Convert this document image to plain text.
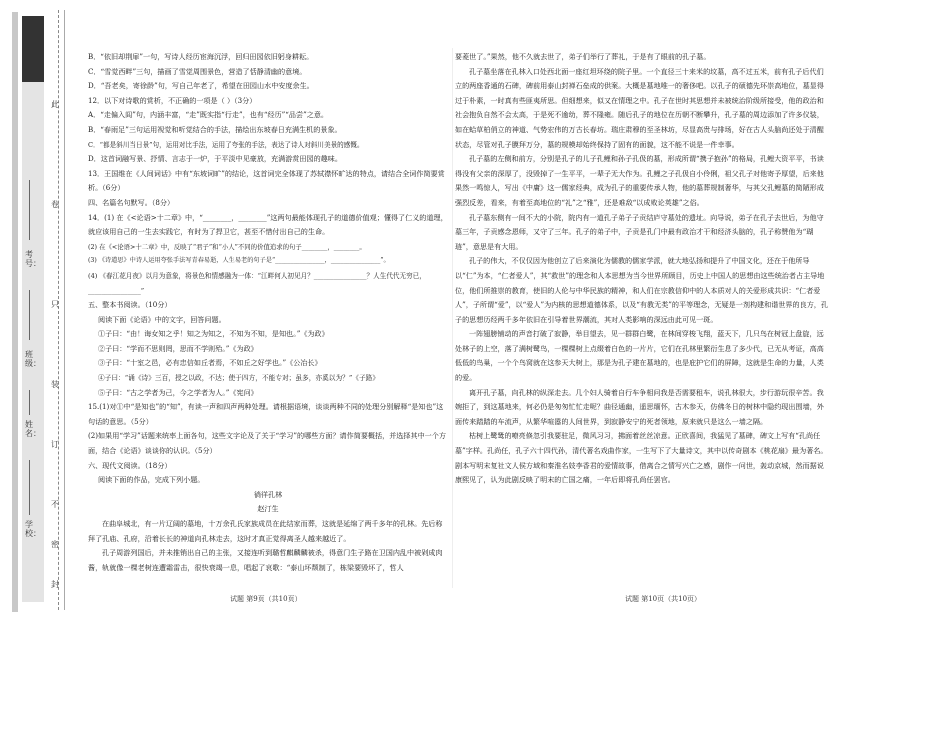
此
卷
只
装
订
不
密
封
考号：
班级：
姓名：
学校：

B．“依旧却荆扉”一句，写诗人经历宦海沉浮，回归田园依旧躬身耕耘。

C．“雪觉西畔”三句，描画了雪觉周围景色，营造了恬静清幽的意境。

D．“吾老矣，寄徐龄”句，写自己年老了，希望在田园山水中安度余生。

12．以下对诗歌的赏析，不正确的一项是（ ）（3分）

A．“走偏入闾”句，内涵丰富，“走”既实指“行走”，也有“经历”“品尝”之意。

B．“春雨足”三句运用视觉和听觉结合的手法，描绘出东坡春日充满生机的景象。

C．“都是斜川当日景”句，运用对比手法，运用了夸张的手法，表达了诗人对斜川美景的感慨。

D．这首词融写景、抒情、言志于一炉，于平淡中见豪放，充满游赏田园的趣味。

13．王国维在《人间词话》中有“东坡词旷”的结论，这首词完全体现了苏轼襟怀旷达的特点，请结合全词作简要赏析。（6分）

四、名篇名句默写。（8分）

14．(1) 在《<论语>十二章》中，“________，________”这两句最能体现孔子的道德价值观；懂得了仁义的道理，就应该用自己的一生去实践它，有时为了捍卫它，甚至不惜付出自己的生命。

(2) 在《<论语>十二章》中，反映了“君子”和“小人”不同的价值追求的句子________，________。

(3) 《诗道思》中诗人运用夸张手法写青春易逝，人生易老的句子是“________________，________________”。

(4) 《春江花月夜》以月为意象，将景色和情感融为一体：“江畔何人初见月？________________？人生代代无穷已，________________”

五、整本书阅读。（10分）

阅读下面《论语》中的文字，回答问题。

①子曰：“由！诲女知之乎！知之为知之，不知为不知，是知也。”《为政》

②子曰：“学而不思则罔，思而不学则殆。”《为政》

③子曰：“十室之邑，必有忠信如丘者焉，不如丘之好学也。”《公冶长》

④子曰：“诵《诗》三百，授之以政，不达；使于四方，不能专对；虽多，亦奚以为？”《子路》

⑤子曰：“古之学者为己，今之学者为人。”《宪问》

15.(1)对①中“是知也”的“知”，有读一声和四声两种处理。请根据语境，谈谈两种不同的处理分别解释“是知也”这句话的意思。（5分）

(2)如果用“学习”话题来统率上面各句，这些文字论及了关于“学习”的哪些方面？请作简要概括，并选择其中一个方面，结合《论语》谈谈你的认识。（5分）

六、现代文阅读。（18分）

阅读下面的作品，完成下列小题。

徜徉孔林

赵汀生

在曲阜城北，有一片辽阔的墓地，十万余孔氏家族成员在此结家而葬，这就是延绵了两千多年的孔林。先后称拜了孔庙、孔府，沿着长长的神道向孔林走去，这时才真正觉得离圣人越来越近了。

孔子周游列国后，并未推销出自己的主张，又接连听到璐哲麒麟麟被杀，得意门生子路在卫国内乱中被剁成肉酱，轨就像一棵老树连遭霜雷击，很快衰竭一息，唱起了哀歌：“泰山坏颓制了，栋梁要毁坏了，哲人

要菱世了。”果然，他不久就去世了，弟子们举行了葬礼，于是有了眼前的孔子墓。

孔子墓坐落在孔林入口处西北面一座红坦环绕的院子里。一个直径三十来米的坟墓，高不过五米，前有孔子后代们立的两座香通的石碑，碑前用泰山封禅石垒成的供案。大概是墓地唯一的奢侈吧。以孔子的硕德先环崇高地位，墓显得过于朴素，一时真有些匪夷所思。但细想来，似又在情理之中。孔子在世时其思想并未被统治阶级所接受，他的政治和社会抱负自然不会太高，于是死不逾幼，葬不隆雍。随后孔子的地位在历朝不断攀升，孔子墓的周边添加了许多仪装，如在蛤草柏俏立的神道、气势宏伟的万古长春坊。瑞庄肃穆的至圣林坊，尽显高贵与排场，好在古人头脑尚还处于清醒状态，尽管对孔子膜拜万分，墓的规模却始终保持了固有的面貌，这不能不说是一件幸事。

孔子墓的左侧和前方，分别是孔子的儿子孔鲤和孙子孔伋的墓，形成所谓“携子抱孙”的格局，孔鲤大资平平，书读得没有父亲的深厚了，没毁掉了一生平平，一辈子无大作为。孔鲤之子孔伋自小伶俐，祖父孔子对他寄予厚望，后来他果然一鸣惊人，写出《中庸》这一儒家经典，成为孔子的重要传承人物，他的墓葬规制奢华，与其父孔鲤墓的简陋形成强烈反差，看来，有着至高地位的“礼”之“雅”，还是难敌“以成败论英雄”之俗。

孔子墓东侧有一间不大的小院，院内有一道孔子弟子子贡结庐守墓处的遗址。向导说，弟子在孔子去世后，为他守墓三年，子贡感念恩师，又守了三年。孔子的弟子中，子贡是孔门中最有政治才干和经济头脑的，孔子称赞他为“瑚琏”，意思是有大用。

孔子的伟大，不仅仅因为他创立了后来演化为儒教的儒家学派，就大地弘扬和提升了中国文化，还在于他所导以“仁”为本，“仁者爱人”，其“救世”的理念和人本思想为当今世界所顾目，历史上中国人的思想由这些统治者占主导地位，他们所推崇的教育，使旧的人伦与中华民族的精神，和人们在宗教信仰中的人本质对人的关爱形成共识：“仁者爱人”，子所谓“爱”，以“爱人”为内核的思想道德体系，以及“有教无类”的平等理念，无疑是一剂构建和谐世界的良方，孔子的思想历经两千多年依旧在引导着世界潮流，其对人类影响的深远由此可见一斑。

一阵翅膀铺动的声音打破了寂静，举目望去，见一群群白鹭，在林间穿梭飞翔，蓝天下，几只鸟在树冠上盘旋，远处林子的上空，落了满树鹭鸟，一棵棵树上点缀着白色的一片片，它们在孔林里繁衍生息了多少代，已无从考证，高高低低的鸟巢，一个个鸟窝就在这参天大树上，那是为孔子建在墓地的，也是庇护它们的屏障，这就是生命的力量，人类的爱。

离开孔子墓，向孔林的纵深走去。几个妇人骑着自行车争相问我是否需要租车，说孔林很大，步行游玩很辛苦。我婉拒了，到这墓地来，何必仍是匆匆忙忙走呢？曲径通幽，遥思缅怀，古木参天，仿佛冬日的树林中隐约现出围墙，外面传来踏踏的车流声，从繁华喧嚣的人间世界，到寂静安宁的死者领地，原来就只是这么一墙之隔。

枯树上鹭鸶的嘹亮倏忽引我要驻足，微风习习，拂面着丝丝凉意。正欣喜间，我猛见了墓碑，碑文上写有“孔尚任墓”字样。孔尚任，孔子六十四代孙，清代著名戏曲作家，一生写下了大量诗文，其中以传奇剧本《桃花扇》最为著名。剧本写明末复社文人侯方域和秦淮名妓李香君的爱情故事，借离合之情写兴亡之感，剧作一问世，轰动京城，然而据说康熙见了，认为此剧反映了明末的亡国之痛，一年后即将孔尚任罢官。

试题 第9页（共10页）	试题 第10页（共10页）
